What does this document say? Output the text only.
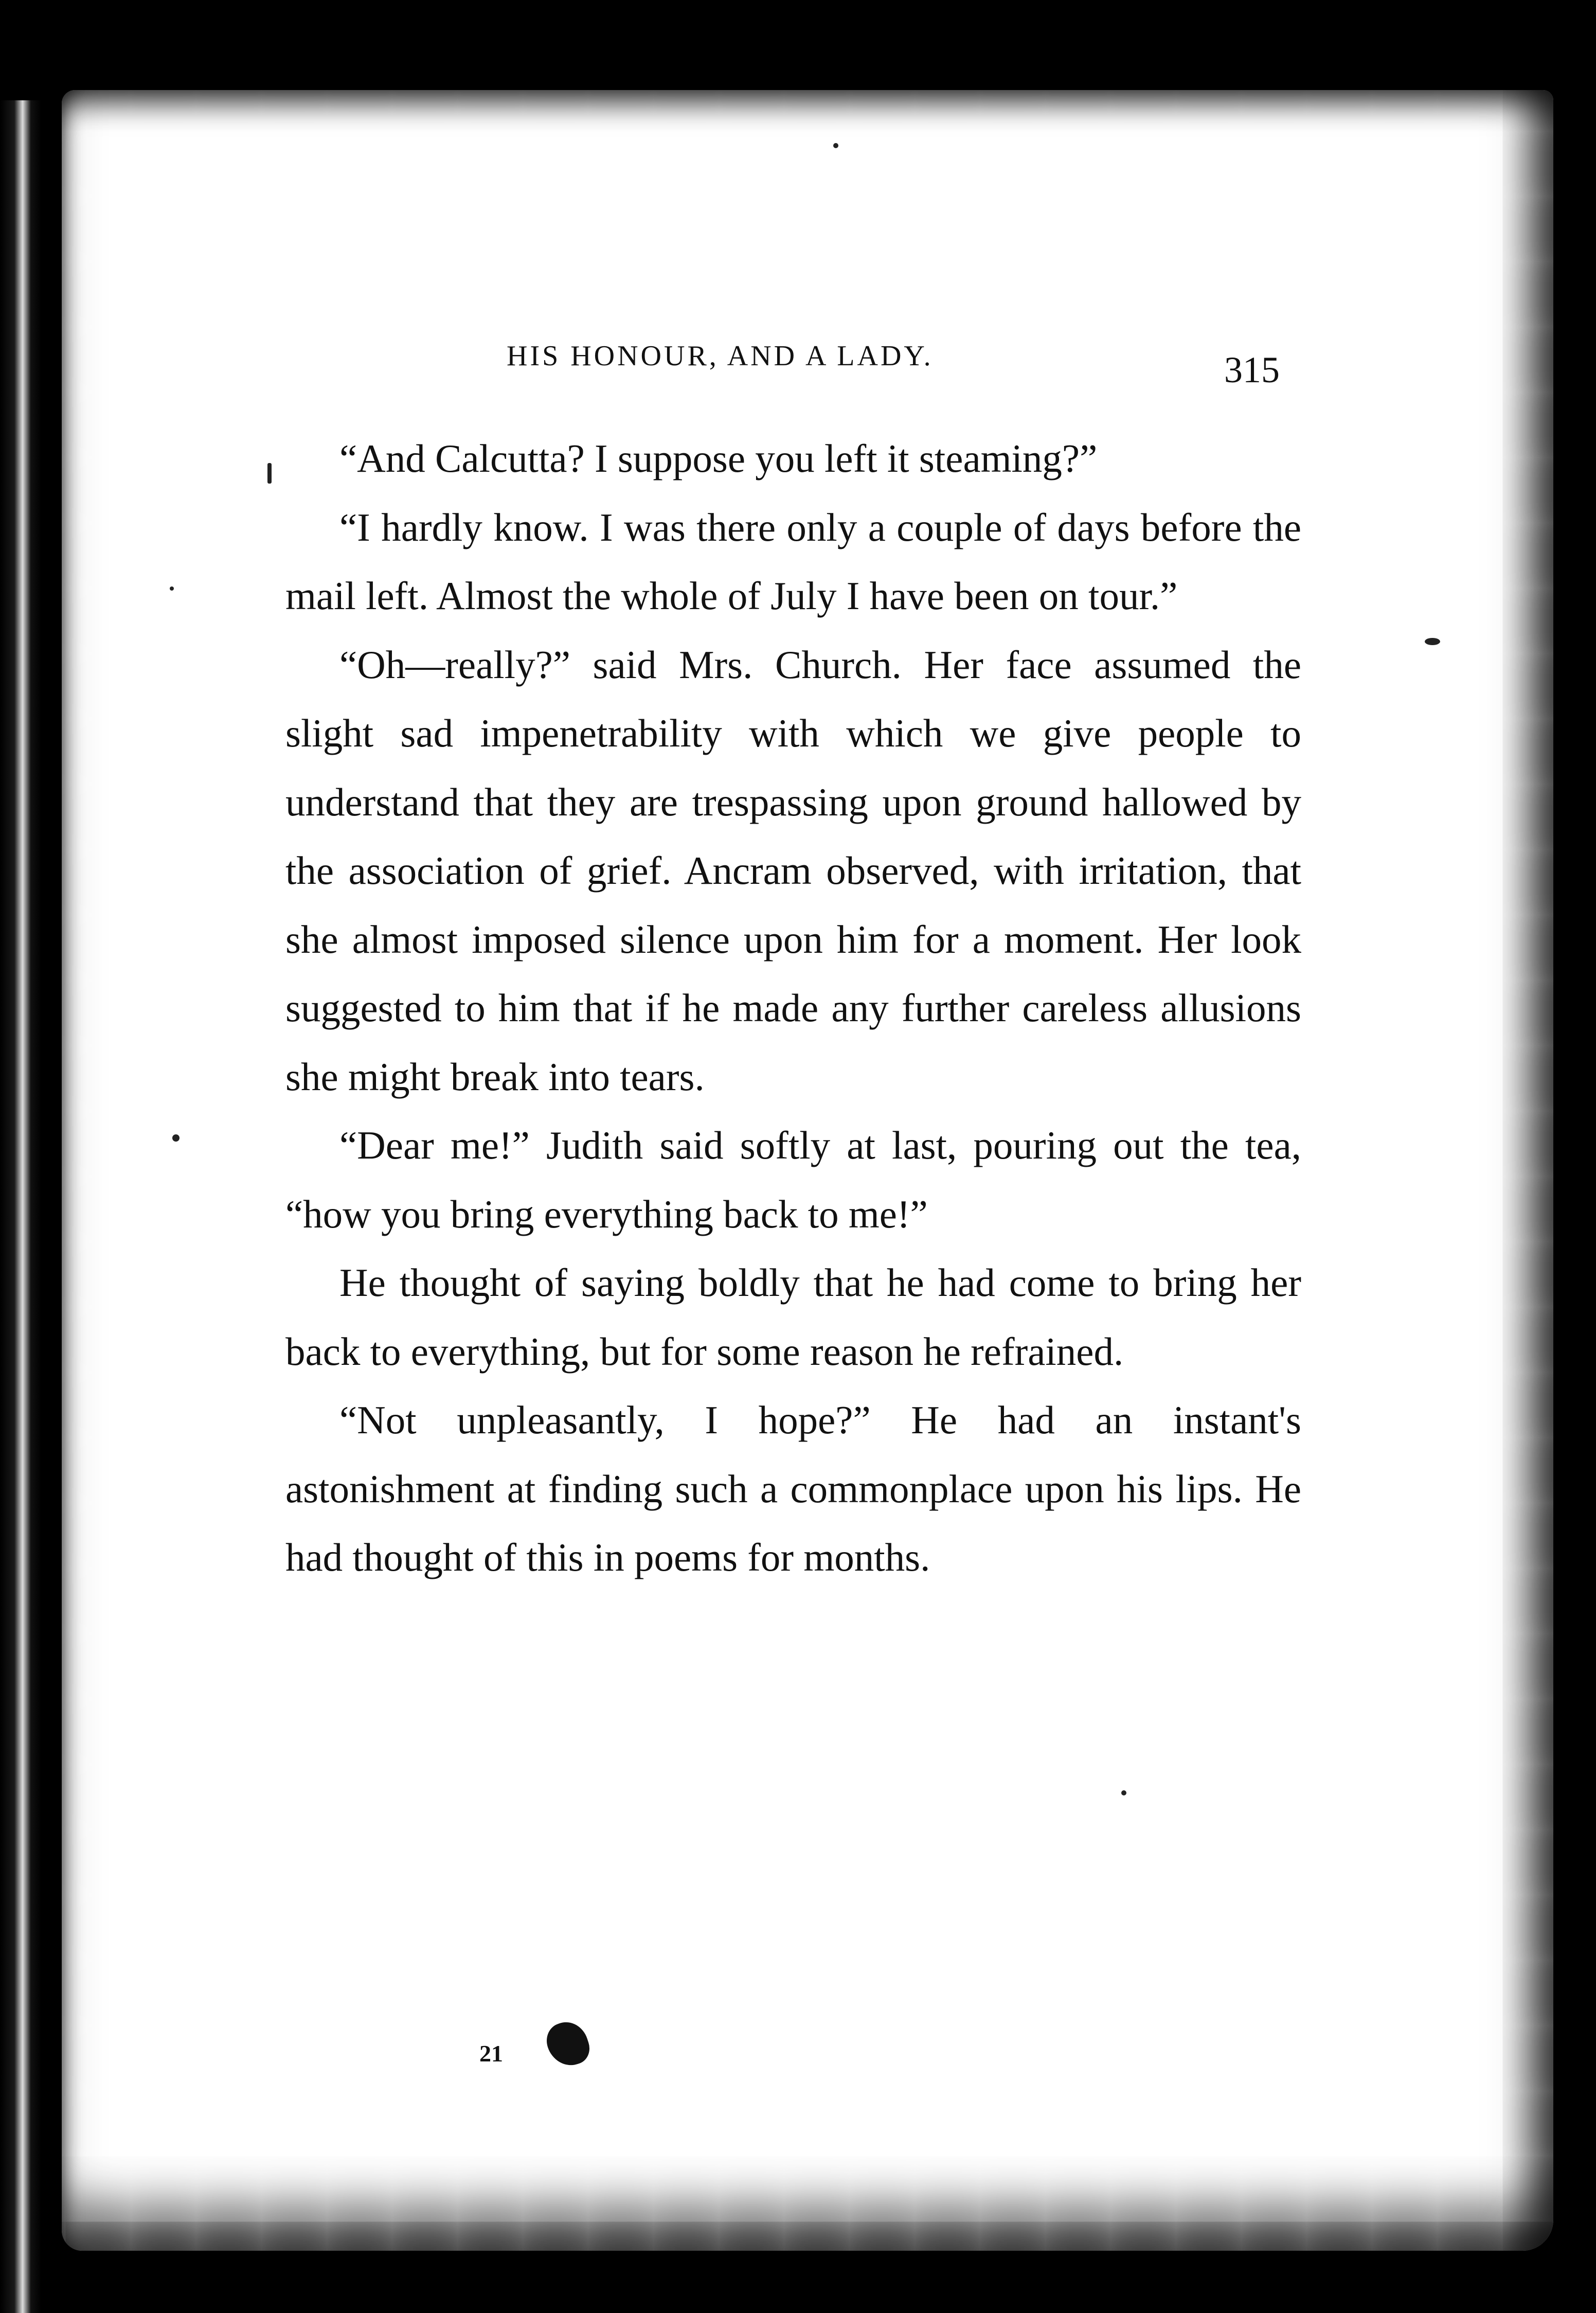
HIS HONOUR, AND A LADY.	315

“And Calcutta? I suppose you left it steaming?”

“I hardly know. I was there only a couple of days before the mail left. Almost the whole of July I have been on tour.”

“Oh—really?” said Mrs. Church. Her face assumed the slight sad impenetrability with which we give people to understand that they are trespassing upon ground hallowed by the association of grief. Ancram observed, with irritation, that she almost imposed silence upon him for a moment. Her look suggested to him that if he made any further careless allusions she might break into tears.

“Dear me!” Judith said softly at last, pouring out the tea, “how you bring everything back to me!”

He thought of saying boldly that he had come to bring her back to everything, but for some reason he refrained.

“Not unpleasantly, I hope?” He had an instant's astonishment at finding such a commonplace upon his lips. He had thought of this in poems for months.

21
